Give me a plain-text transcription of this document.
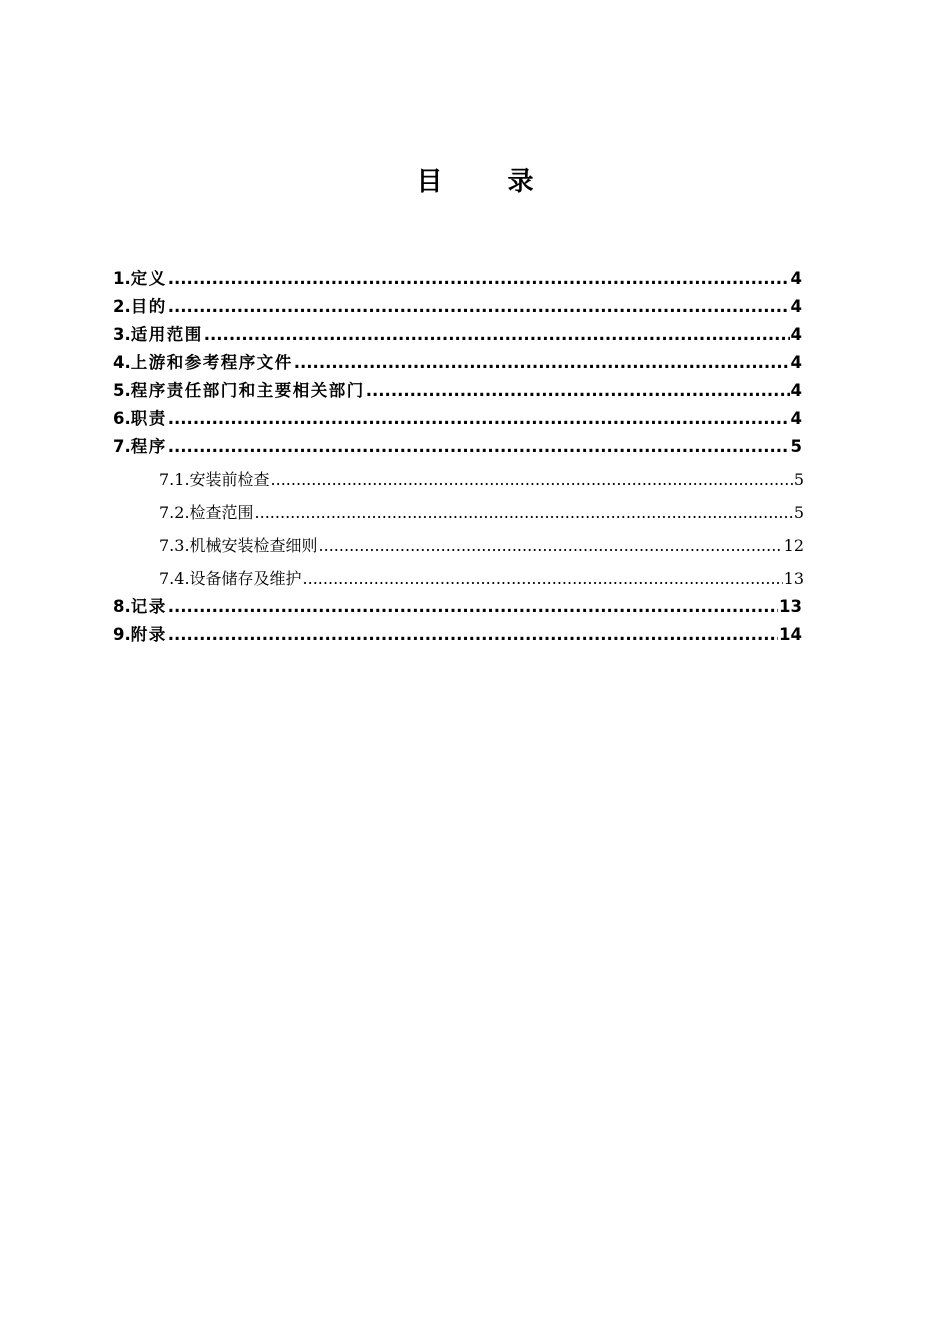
目 录
1. 定义 .....	4
2. 目的 .....	4
3. 适用范围 .....	4
4. 上游和参考程序文件 .....	4
5. 程序责任部门和主要相关部门 .....	4
6. 职责 .....	4
7. 程序 .....	5
7.1. 安装前检查 .....	5
7.2. 检查范围 .....	5
7.3. 机械安装检查细则 .....	12
7.4. 设备储存及维护 .....	13
8. 记录 .....	13
9. 附录 .....	14
